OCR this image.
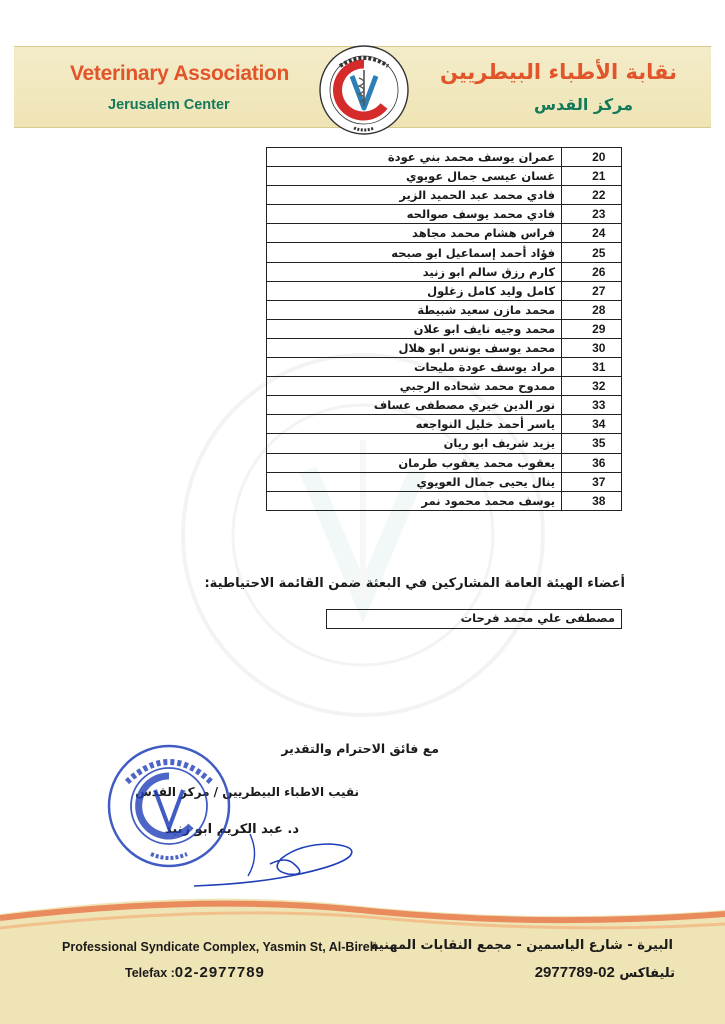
Veterinary Association
Jerusalem Center
نقابة الأطباء البيطريين
مركز القدس
عمران يوسف محمد بني عودة	20
غسان عيسى جمال عويوي	21
فادي محمد عبد الحميد الزير	22
فادي محمد يوسف صوالحه	23
فراس هشام محمد مجاهد	24
فؤاد أحمد إسماعيل ابو صبحه	25
كارم رزق سالم ابو زنيد	26
كامل وليد كامل زغلول	27
محمد مازن سعيد شبيطة	28
محمد وجيه نايف ابو علان	29
محمد يوسف يونس ابو هلال	30
مراد يوسف عودة مليحات	31
ممدوح محمد شحاده الرجبي	32
نور الدين خيري مصطفى عساف	33
ياسر أحمد خليل النواجعه	34
يزيد شريف ابو ريان	35
يعقوب محمد يعقوب طرمان	36
ينال يحيى جمال العويوي	37
يوسف محمد محمود نمر	38
أعضاء الهيئة العامة المشاركين في البعثة ضمن القائمة الاحتياطية:
مصطفى علي محمد فرحات
مع فائق الاحترام والتقدير
نقيب الاطباء البيطريين / مركز القدس
د. عبد الكريم ابو زنيد
Professional Syndicate Complex, Yasmin St, Al-Bireh
Telefax :02-2977789
البيرة - شارع الياسمين - مجمع النقابات المهنية
تليفاكس 02-2977789
